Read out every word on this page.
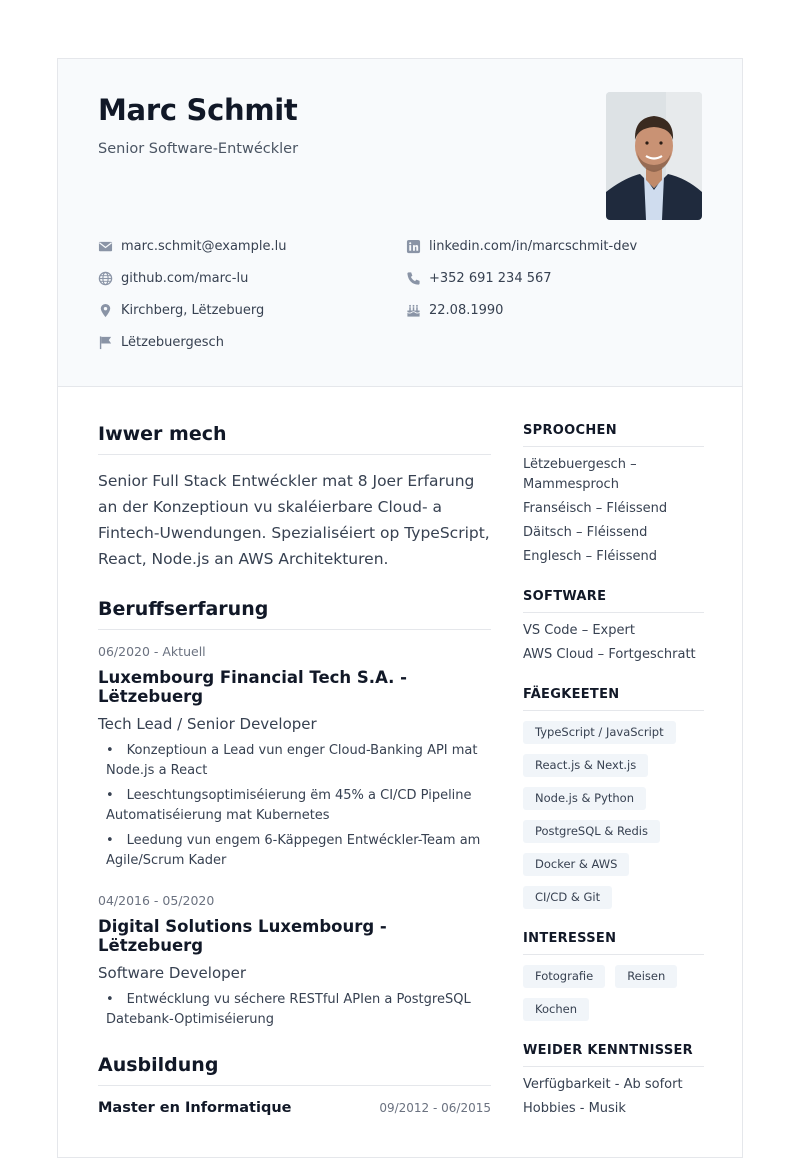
Marc Schmit
Senior Software-Entwéckler
marc.schmit@example.lu	linkedin.com/in/marcschmit-dev
github.com/marc-lu	+352 691 234 567
Kirchberg, Lëtzebuerg	22.08.1990
Lëtzebuergesch
Iwwer mech

Senior Full Stack Entwéckler mat 8 Joer Erfarung an der Konzeptioun vu skaléierbare Cloud- a Fintech-Uwendungen. Spezialiséiert op TypeScript, React, Node.js an AWS Architekturen.

Beruffserfarung
06/2020 - Aktuell
Luxembourg Financial Tech S.A. - Lëtzebuerg
Tech Lead / Senior Developer
• Konzeptioun a Lead vun enger Cloud-Banking API mat Node.js a React
• Leeschtungsoptimiséierung ëm 45% a CI/CD Pipeline Automatiséierung mat Kubernetes
• Leedung vun engem 6-Käppegen Entwéckler-Team am Agile/Scrum Kader
04/2016 - 05/2020
Digital Solutions Luxembourg - Lëtzebuerg
Software Developer
• Entwécklung vu séchere RESTful APIen a PostgreSQL Datebank-Optimiséierung
Ausbildung
Master en Informatique	09/2012 - 06/2015
SPROOCHEN
Lëtzebuergesch – Mammesproch
Franséisch – Fléissend
Däitsch – Fléissend
Englesch – Fléissend
SOFTWARE
VS Code – Expert
AWS Cloud – Fortgeschratt
FÄEGKEETEN
TypeScript / JavaScript
React.js & Next.js
Node.js & Python
PostgreSQL & Redis
Docker & AWS
CI/CD & Git
INTERESSEN
Fotografie	Reisen
Kochen
WEIDER KENNTNISSER
Verfügbarkeit - Ab sofort
Hobbies - Musik
